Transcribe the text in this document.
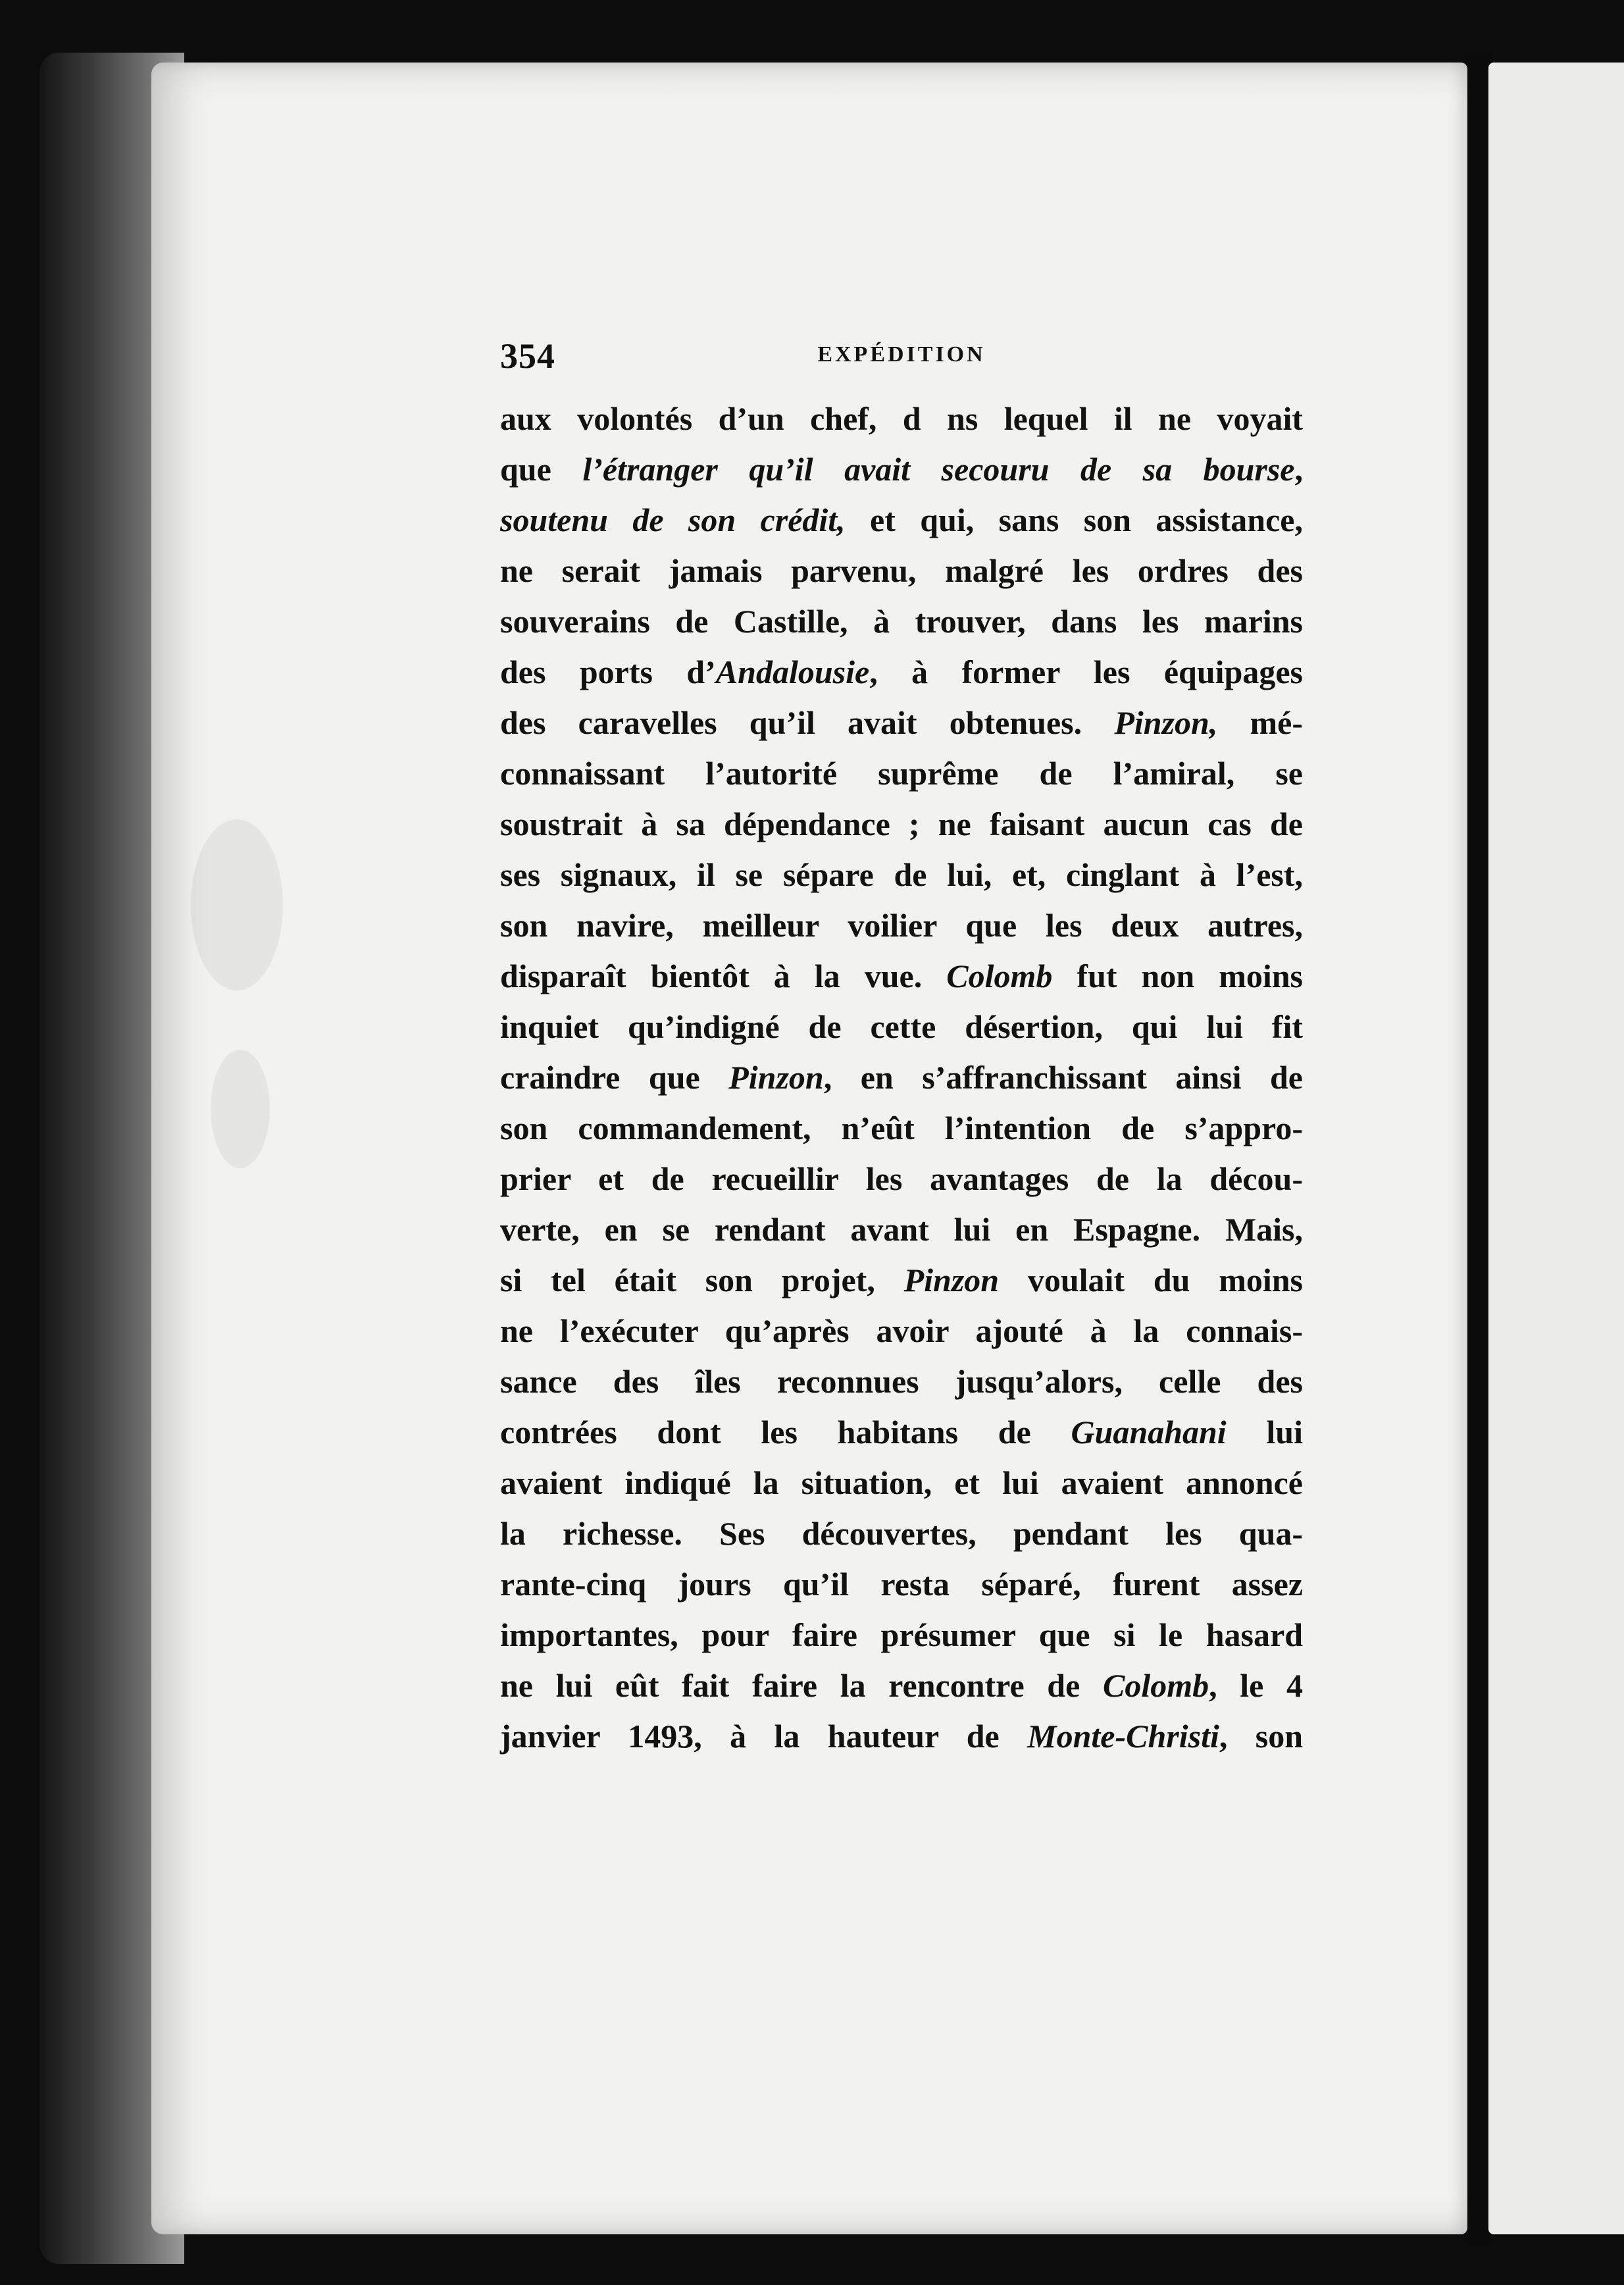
354	EXPÉDITION
aux volontés d’un chef, d ns lequel il ne voyait
que l’étranger qu’il avait secouru de sa bourse,
soutenu de son crédit, et qui, sans son assistance,
ne serait jamais parvenu, malgré les ordres des
souverains de Castille, à trouver, dans les marins
des ports d’Andalousie, à former les équipages
des caravelles qu’il avait obtenues. Pinzon, mé-
connaissant l’autorité suprême de l’amiral, se
soustrait à sa dépendance ; ne faisant aucun cas de
ses signaux, il se sépare de lui, et, cinglant à l’est,
son navire, meilleur voilier que les deux autres,
disparaît bientôt à la vue. Colomb fut non moins
inquiet qu’indigné de cette désertion, qui lui fit
craindre que Pinzon, en s’affranchissant ainsi de
son commandement, n’eût l’intention de s’appro-
prier et de recueillir les avantages de la décou-
verte, en se rendant avant lui en Espagne. Mais,
si tel était son projet, Pinzon voulait du moins
ne l’exécuter qu’après avoir ajouté à la connais-
sance des îles reconnues jusqu’alors, celle des
contrées dont les habitans de Guanahani lui
avaient indiqué la situation, et lui avaient annoncé
la richesse. Ses découvertes, pendant les qua-
rante-cinq jours qu’il resta séparé, furent assez
importantes, pour faire présumer que si le hasard
ne lui eût fait faire la rencontre de Colomb, le 4
janvier 1493, à la hauteur de Monte-Christi, son
